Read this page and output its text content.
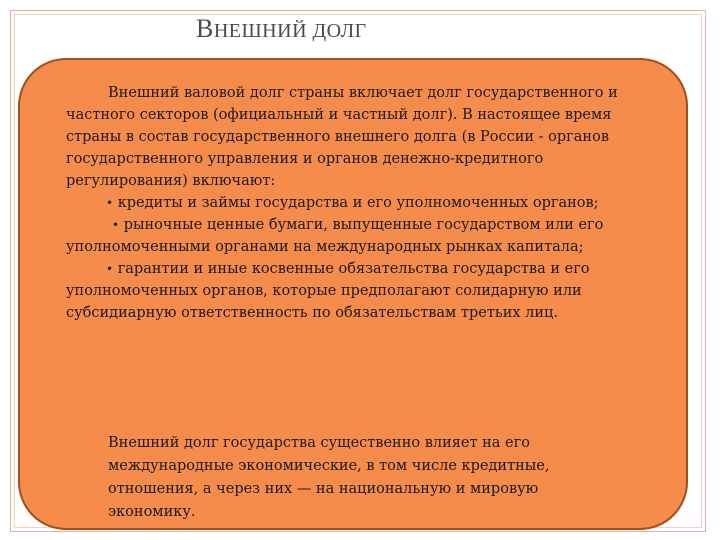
ВНЕШНИЙ ДОЛГ

Внешний валовой долг страны включает долг государственного и частного секторов (официальный и частный долг). В настоящее время страны в состав государственного внешнего долга (в России - органов государственного управления и органов денежно-кредитного регулирования) включают:

• кредиты и займы государства и его уполномоченных органов;

• рыночные ценные бумаги, выпущенные государством или его уполномоченными органами на международных рынках капитала;

• гарантии и иные косвенные обязательства государства и его уполномоченных органов, которые предполагают солидарную или субсидиарную ответственность по обязательствам третьих лиц.

Внешний долг государства существенно влияет на его международные экономические, в том числе кредитные, отношения, а через них — на национальную и мировую экономику.
